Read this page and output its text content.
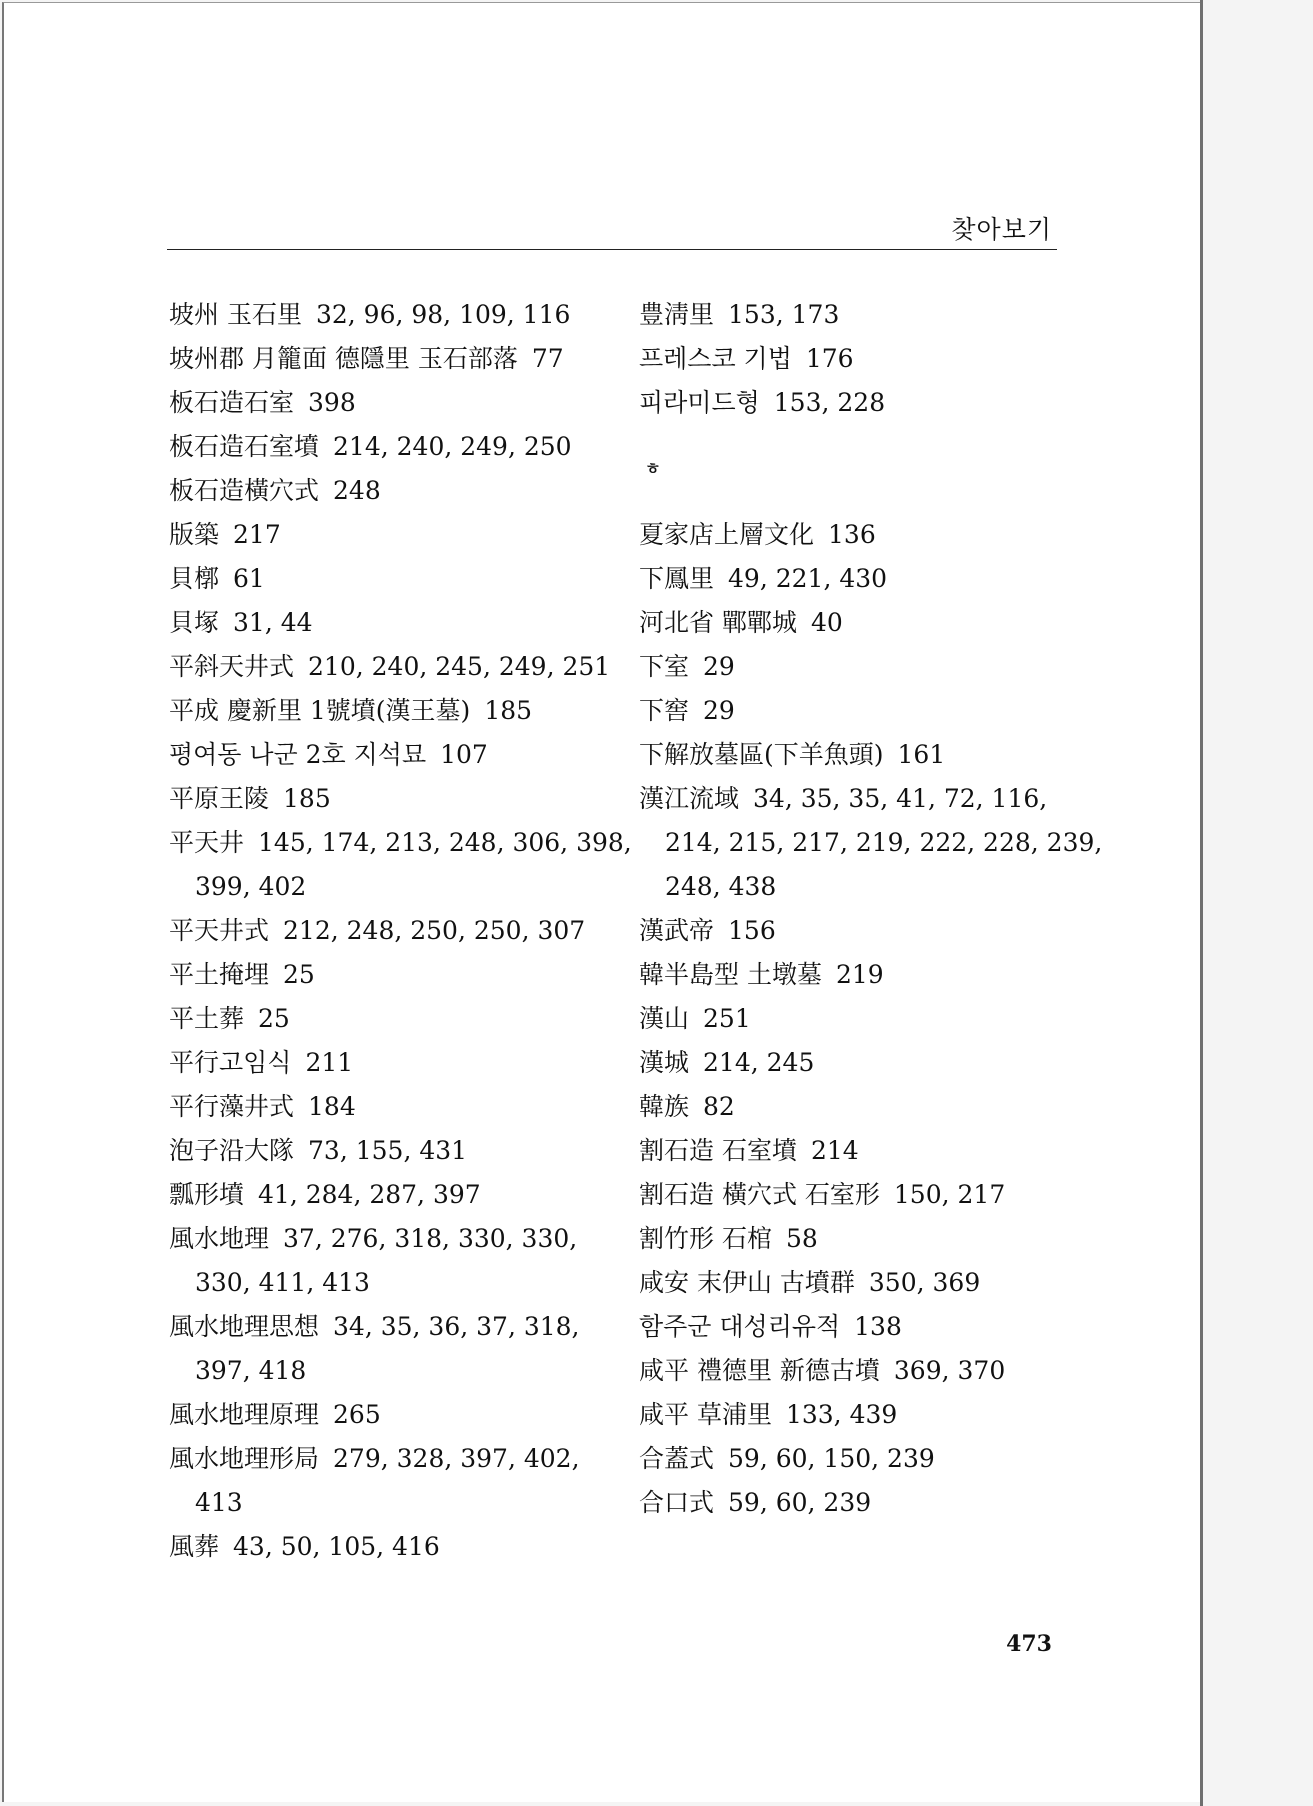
찾아보기
坡州 玉石里 32, 96, 98, 109, 116
坡州郡 月籠面 德隱里 玉石部落 77
板石造石室 398
板石造石室墳 214, 240, 249, 250
板石造橫穴式 248
版築 217
貝槨 61
貝塚 31, 44
平斜天井式 210, 240, 245, 249, 251
平成 慶新里 1號墳(漢王墓) 185
평여동 나군 2호 지석묘 107
平原王陵 185
平天井 145, 174, 213, 248, 306, 398,
399, 402
平天井式 212, 248, 250, 250, 307
平土掩埋 25
平土葬 25
平行고임식 211
平行藻井式 184
泡子沿大隊 73, 155, 431
瓢形墳 41, 284, 287, 397
風水地理 37, 276, 318, 330, 330,
330, 411, 413
風水地理思想 34, 35, 36, 37, 318,
397, 418
風水地理原理 265
風水地理形局 279, 328, 397, 402,
413
風葬 43, 50, 105, 416
豊淸里 153, 173
프레스코 기법 176
피라미드형 153, 228
ㅎ
夏家店上層文化 136
下鳳里 49, 221, 430
河北省 鄲鄲城 40
下室 29
下窖 29
下解放墓區(下羊魚頭) 161
漢江流域 34, 35, 35, 41, 72, 116,
214, 215, 217, 219, 222, 228, 239,
248, 438
漢武帝 156
韓半島型 土墩墓 219
漢山 251
漢城 214, 245
韓族 82
割石造 石室墳 214
割石造 橫穴式 石室形 150, 217
割竹形 石棺 58
咸安 末伊山 古墳群 350, 369
함주군 대성리유적 138
咸平 禮德里 新德古墳 369, 370
咸平 草浦里 133, 439
合蓋式 59, 60, 150, 239
合口式 59, 60, 239
473
